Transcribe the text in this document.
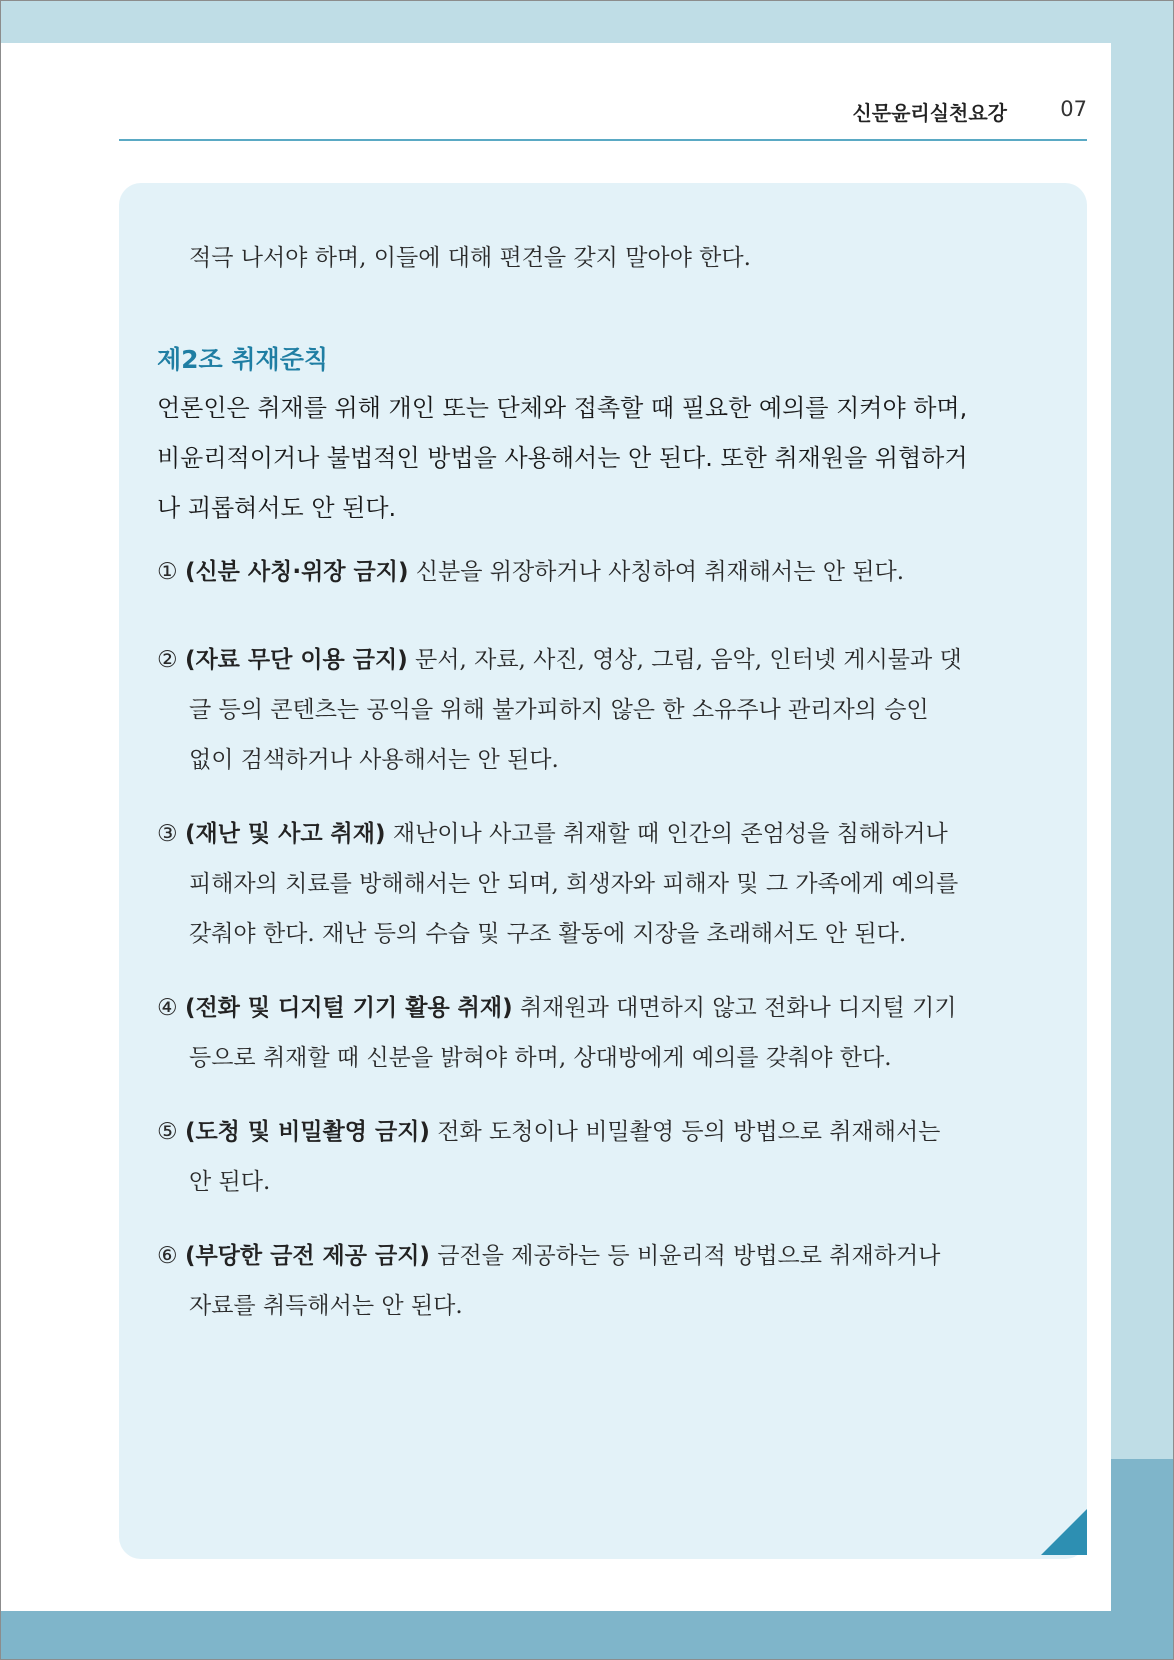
신문윤리실천요강	07
적극 나서야 하며, 이들에 대해 편견을 갖지 말아야 한다.
제2조 취재준칙
언론인은 취재를 위해 개인 또는 단체와 접촉할 때 필요한 예의를 지켜야 하며,
비윤리적이거나 불법적인 방법을 사용해서는 안 된다. 또한 취재원을 위협하거
나 괴롭혀서도 안 된다.
① (신분 사칭·위장 금지) 신분을 위장하거나 사칭하여 취재해서는 안 된다.
② (자료 무단 이용 금지) 문서, 자료, 사진, 영상, 그림, 음악, 인터넷 게시물과 댓
글 등의 콘텐츠는 공익을 위해 불가피하지 않은 한 소유주나 관리자의 승인
없이 검색하거나 사용해서는 안 된다.
③ (재난 및 사고 취재) 재난이나 사고를 취재할 때 인간의 존엄성을 침해하거나
피해자의 치료를 방해해서는 안 되며, 희생자와 피해자 및 그 가족에게 예의를
갖춰야 한다. 재난 등의 수습 및 구조 활동에 지장을 초래해서도 안 된다.
④ (전화 및 디지털 기기 활용 취재) 취재원과 대면하지 않고 전화나 디지털 기기
등으로 취재할 때 신분을 밝혀야 하며, 상대방에게 예의를 갖춰야 한다.
⑤ (도청 및 비밀촬영 금지) 전화 도청이나 비밀촬영 등의 방법으로 취재해서는
안 된다.
⑥ (부당한 금전 제공 금지) 금전을 제공하는 등 비윤리적 방법으로 취재하거나
자료를 취득해서는 안 된다.
